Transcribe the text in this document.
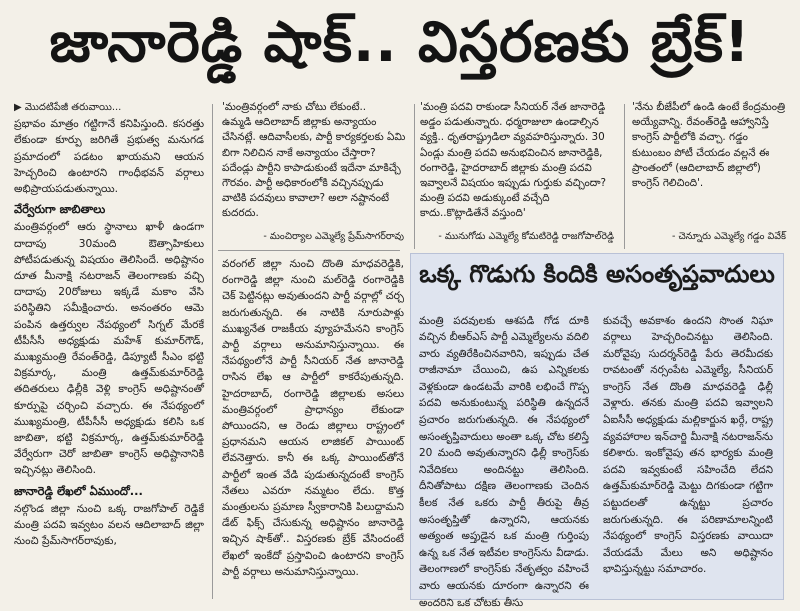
జానారెడ్డి షాక్.. విస్తరణకు బ్రేక్!
▶ మొదటిపేజీ తరువాయి...

ప్రభావం మాత్రం గట్టిగానే కనిపిస్తుంది. కసరత్తు లేకుండా కూర్పు జరిగితే ప్రభుత్వ మనుగడ ప్రమాదంలో పడటం ఖాయమని ఆయన హెచ్చరించి ఉంటారని గాంధీభవన్ వర్గాలు అభిప్రాయపడుతున్నాయి.

వేర్వేరుగా జాబితాలు

మంత్రివర్గంలో ఆరు స్థానాలు ఖాళీ ఉండగా దాదాపు 30మంది ఔత్సాహికులు పోటీపడుతున్న విషయం తెలిసిందే. అధిష్టానం దూత మీనాక్షి నటరాజన్ తెలంగాణకు వచ్చి దాదాపు 20రోజులు ఇక్కడే మకాం వేసి పరిస్థితిని సమీక్షించారు. అనంతరం ఆమె పంపిన ఉత్తర్వుల నేపథ్యంలో సిగ్నల్ మేరకే టీపీసీసీ అధ్యక్షుడు మహేశ్ కుమార్‌గౌడ్, ముఖ్యమంత్రి రేవంత్‌రెడ్డి, డిప్యూటీ సీఎం భట్టి విక్రమార్క, మంత్రి ఉత్తమ్‌కుమార్‌రెడ్డి తదితరులు ఢిల్లీకి వెళ్లి కాంగ్రెస్ అధిష్టానంతో కూర్పుపై చర్చించి వచ్చారు. ఈ నేపథ్యంలో ముఖ్యమంత్రి, టీపీసీసీ అధ్యక్షుడు కలిసి ఒక జాబితా, భట్టి విక్రమార్క, ఉత్తమ్‌కుమార్‌రెడ్డి వేర్వేరుగా చెరో జాబితా కాంగ్రెస్ అధిష్టానానికి ఇచ్చినట్లు తెలిసింది.

జానారెడ్డి లేఖలో ఏముందో...

నల్గొండ జిల్లా నుంచి ఒక్క రాజగోపాల్ రెడ్డికే మంత్రి పదవి ఇవ్వటం వలన ఆదిలాబాద్ జిల్లా నుంచి ప్రేమ్‌సాగర్‌రావుకు,

'మంత్రివర్గంలో నాకు చోటు లేకుంటే..
ఉమ్మడి ఆదిలాబాద్ జిల్లాకు అన్యాయం చేసినట్లే. ఆదివాసీలకు, పార్టీ కార్యకర్తలకు ఏమి బిగా నిలిచిన నాకే అన్యాయం చేస్తారా? పదేండ్లు పార్టీని కాపాడుకుంటే ఇదేనా మాకిచ్చే గౌరవం. పార్టీ అధికారంలోకి వచ్చినప్పుడు వాటికి పదవులు కావాలా? అలా నష్టానంటే కుదరదు.
- మంచిర్యాల ఎమ్మెల్యే ప్రేమ్‌సాగర్‌రావు
'మంత్రి పదవి రాకుండా సీనియర్ నేత జానారెడ్డి అడ్డం పడుతున్నారు. ధర్మరాజులా ఉండాల్సిన వ్యక్తి.. ధృతరాష్ట్రుడిలా వ్యవహరిస్తున్నారు. 30 ఏండ్లు మంత్రి పదవి అనుభవించిన జానారెడ్డికి, రంగారెడ్డి, హైదరాబాద్ జిల్లాకు మంత్రి పదవి ఇవ్వాలనే విషయం ఇప్పుడు గుర్తుకు వచ్చిందా? మంత్రి పదవి అడుక్కుంటే వచ్చేది కాదు..కొట్లాడితేనే వస్తుంది'
- మునుగోడు ఎమ్మెల్యే కోమటిరెడ్డి రాజగోపాల్‌రెడ్డి
'నేను బీజేపీలో ఉండి ఉంటే కేంద్రమంత్రి అయ్యేవాన్ని. రేవంత్‌రెడ్డి ఆహ్వానిస్తే కాంగ్రెస్ పార్టీలోకి వచ్చా. గడ్డం కుటుంబం పోటీ చేయడం వల్లనే ఈ ప్రాంతంలో (ఆదిలాబాద్ జిల్లాలో) కాంగ్రెస్ గెలిచింది'.
- చెన్నూరు ఎమ్మెల్యే గడ్డం వివేక్

వరంగల్ జిల్లా నుంచి దొంతి మాధవరెడ్డికి, రంగారెడ్డి జిల్లా నుంచి మల్‌రెడ్డి రంగారెడ్డికి చెక్ పెట్టినట్లు అవుతుందని పార్టీ వర్గాల్లో చర్చ జరుగుతున్నది. ఈ నాటికి నూరుపాళ్లు ముఖ్యనేత రాజకీయ వ్యూహమేనని కాంగ్రెస్ పార్టీ వర్గాలు అనుమానిస్తున్నాయి. ఈ నేపథ్యంలోనే పార్టీ సీనియర్ నేత జానారెడ్డి రాసిన లేఖ ఆ పార్టీలో కాకరేపుతున్నది. హైదరాబాద్, రంగారెడ్డి జిల్లాలకు అసలు మంత్రివర్గంలో ప్రాధాన్యం లేకుండా పోయిందని, ఆ రెండు జిల్లాలు రాష్ట్రంలో ప్రధానమని ఆయన లాజికల్ పాయింట్ లేవనెత్తారు. కానీ ఈ ఒక్క పాయింట్‌తోనే పార్టీలో ఇంత వేడి పుడుతున్నదంటే కాంగ్రెస్ నేతలు ఎవరూ నమ్మటం లేదు. కొత్త మంత్రులను ప్రమాణ స్వీకారానికి పిలుద్దామని డేట్ ఫిక్స్ చేసుకున్న అధిష్టానం జానారెడ్డి ఇచ్చిన షాక్‌తో.. విస్తరణకు బ్రేక్ వేసిందంటే లేఖలో ఇంకేదో ప్రస్తావించి ఉంటారని కాంగ్రెస్ పార్టీ వర్గాలు అనుమానిస్తున్నాయి.

ఒక్క గొడుగు కిందికి అసంతృప్తవాదులు

మంత్రి పదవులకు ఆశపడి గోడ దూకి వచ్చిన బీఆర్ఎస్ పార్టీ ఎమ్మెల్యేలను వదిలి వారు వ్యతిరేకించినవారిని, ఇప్పుడు చేత రాజీనామా చేయించి, ఉప ఎన్నికలకు వెళ్లకుండా ఉండటమే వారికి లభించే గొప్ప పదవి అనుకుంటున్న పరిస్థితి ఉన్నదనే ప్రచారం జరుగుతున్నది. ఈ నేపథ్యంలో అసంతృప్తివాదులు అంతా ఒక్క చోట కలిస్తే 20 మంది అవుతున్నారని ఢిల్లీ కాంగ్రెస్‌కు నివేదికలు అందినట్టు తెలిసింది. దీనితోపాటు దక్షిణ తెలంగాణకు చెందిన కీలక నేత ఒకరు పార్టీ తీరుపై తీవ్ర అసంతృప్తితో ఉన్నారని, ఆయనకు అత్యంత అప్తుడైన ఒక మంత్రి గుర్తింపు ఉన్న ఒక నేత ఇటీవల కాంగ్రెస్‌ను వీడాడు. తెలంగాణలో కాంగ్రెస్‌కు నేతృత్వం వహించే వారు ఆయనకు దూరంగా ఉన్నారని ఈ అందరిని ఒక చోటకు తీసు

కువచ్చే అవకాశం ఉందని సొంత నిఘా వర్గాలు హెచ్చరించినట్టు తెలిసింది. మరోవైపు సుదర్శన్‌రెడ్డి పేరు తెరమీదకు రావటంతో నర్సంపేట ఎమ్మెల్యే, సీనియర్ కాంగ్రెస్ నేత దొంతి మాధవరెడ్డి ఢిల్లీ వెళ్లారు. తనకు మంత్రి పదవి ఇవ్వాలని ఏఐసీసీ అధ్యక్షుడు మల్లికార్జున ఖర్గే, రాష్ట్ర వ్యవహారాల ఇన్‌చార్జి మీనాక్షి నటరాజన్‌ను కలిశారు. ఇంకోవైపు తన భార్యకు మంత్రి పదవి ఇవ్వకుంటే సహించేది లేదని ఉత్తమ్‌కుమార్‌రెడ్డి మెట్టు దిగకుండా గట్టిగా పట్టుదలతో ఉన్నట్టు ప్రచారం జరుగుతున్నది. ఈ పరిణామాలన్నింటి నేపథ్యంలో కాంగ్రెస్ విస్తరణకు వాయిదా వేయడమే మేలు అని అధిష్టానం భావిస్తున్నట్టు సమాచారం.
